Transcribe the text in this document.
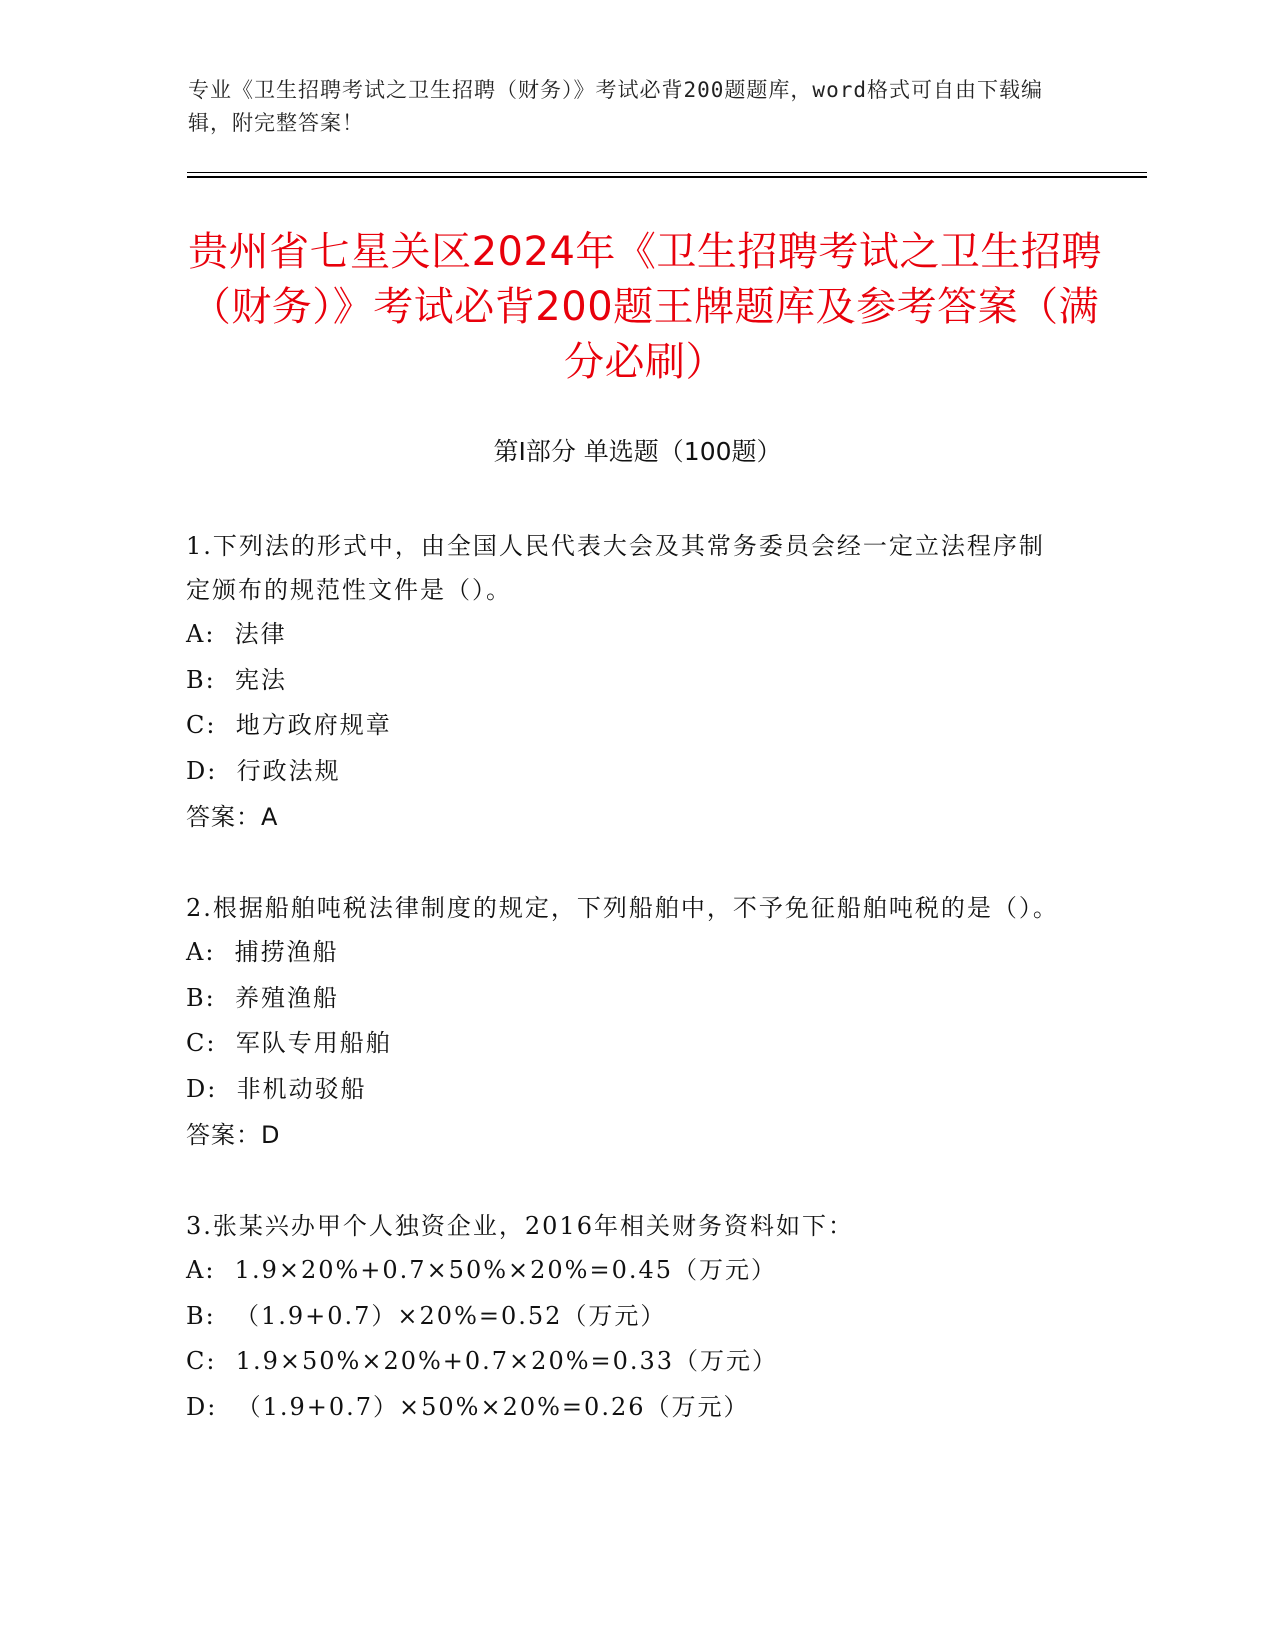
专业《卫生招聘考试之卫生招聘（财务）》考试必背200题题库，word格式可自由下载编辑，附完整答案！
贵州省七星关区2024年《卫生招聘考试之卫生招聘（财务）》考试必背200题王牌题库及参考答案（满分必刷）
第Ⅰ部分 单选题（100题）

1.下列法的形式中，由全国人民代表大会及其常务委员会经一定立法程序制定颁布的规范性文件是（）。

A:  法律

B:  宪法

C:  地方政府规章

D:  行政法规

答案：A

2.根据船舶吨税法律制度的规定，下列船舶中，不予免征船舶吨税的是（）。

A:  捕捞渔船

B:  养殖渔船

C:  军队专用船舶

D:  非机动驳船

答案：D

3.张某兴办甲个人独资企业，2016年相关财务资料如下：

A:  1.9×20%+0.7×50%×20%=0.45（万元）

B:  （1.9+0.7）×20%=0.52（万元）

C:  1.9×50%×20%+0.7×20%=0.33（万元）

D:  （1.9+0.7）×50%×20%=0.26（万元）
